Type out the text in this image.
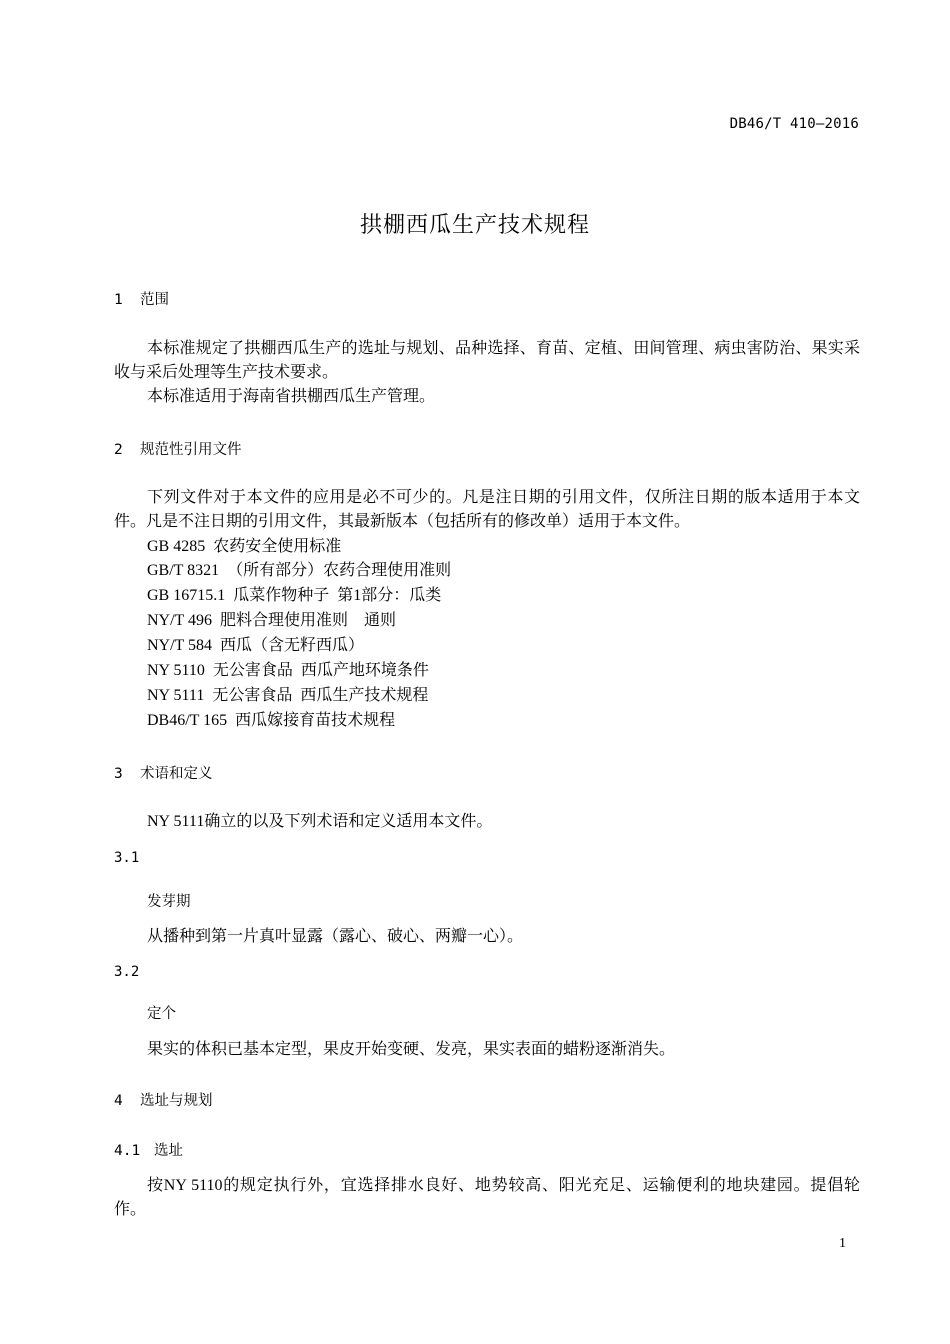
DB46/T 410—2016
拱棚西瓜生产技术规程
1 范围
本标准规定了拱棚西瓜生产的选址与规划、品种选择、育苗、定植、田间管理、病虫害防治、果实采收与采后处理等生产技术要求。
本标准适用于海南省拱棚西瓜生产管理。
2 规范性引用文件
下列文件对于本文件的应用是必不可少的。凡是注日期的引用文件，仅所注日期的版本适用于本文件。凡是不注日期的引用文件，其最新版本（包括所有的修改单）适用于本文件。
GB 4285  农药安全使用标准
GB/T 8321  （所有部分）农药合理使用准则
GB 16715.1  瓜菜作物种子  第1部分：瓜类
NY/T 496  肥料合理使用准则    通则
NY/T 584  西瓜（含无籽西瓜）
NY 5110  无公害食品  西瓜产地环境条件
NY 5111  无公害食品  西瓜生产技术规程
DB46/T 165  西瓜嫁接育苗技术规程
3 术语和定义
NY 5111确立的以及下列术语和定义适用本文件。
3.1
发芽期
从播种到第一片真叶显露（露心、破心、两瓣一心）。
3.2
定个
果实的体积已基本定型，果皮开始变硬、发亮，果实表面的蜡粉逐渐消失。
4 选址与规划
4.1 选址
按NY 5110的规定执行外，宜选择排水良好、地势较高、阳光充足、运输便利的地块建园。提倡轮作。
1
